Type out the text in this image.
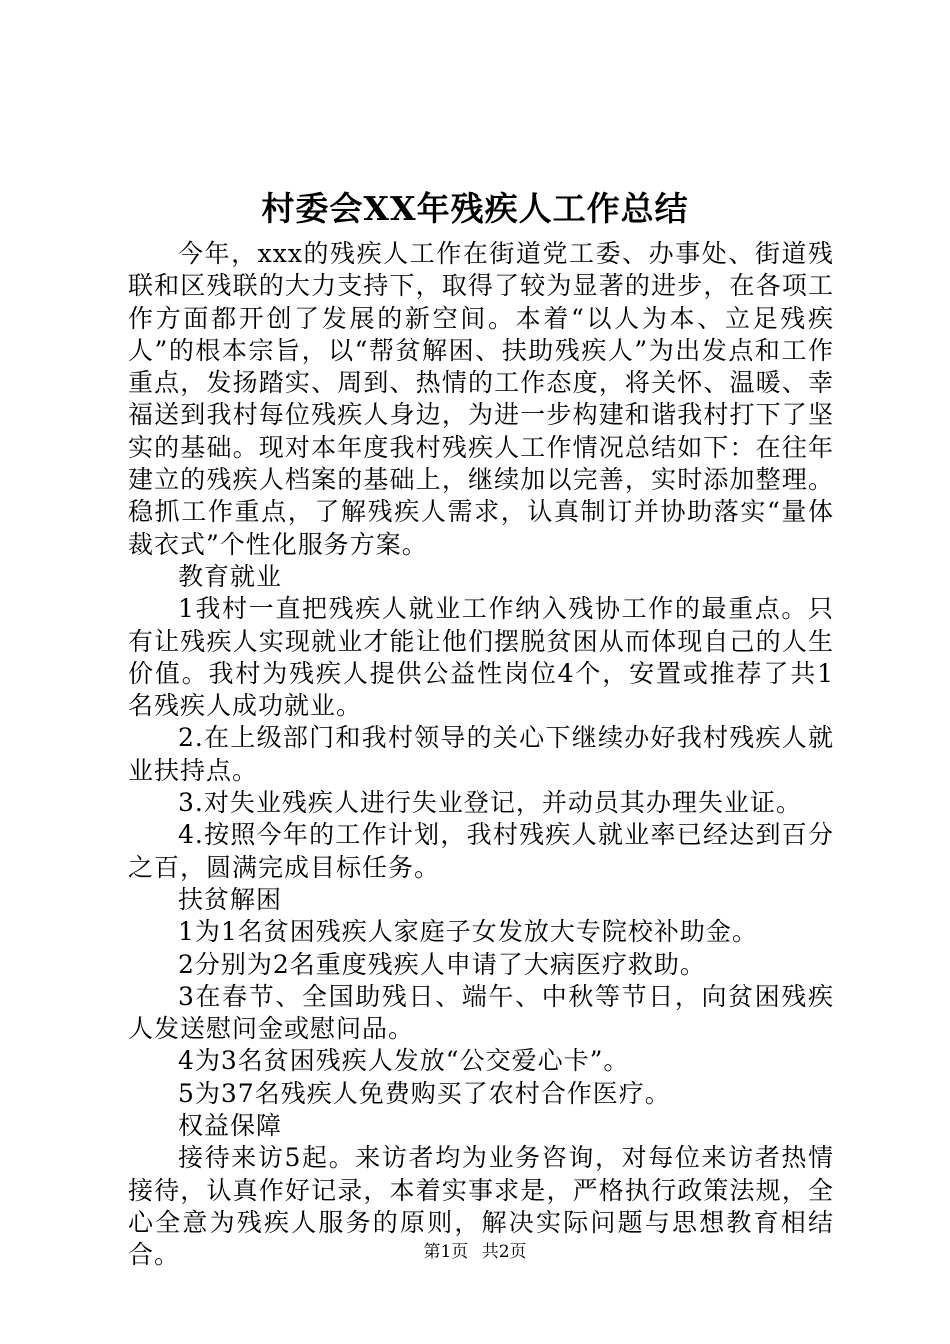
村委会XX年残疾人工作总结

今年，xxx的残疾人工作在街道党工委、办事处、街道残联和区残联的大力支持下，取得了较为显著的进步，在各项工作方面都开创了发展的新空间。本着“以人为本、立足残疾人”的根本宗旨，以“帮贫解困、扶助残疾人”为出发点和工作重点，发扬踏实、周到、热情的工作态度，将关怀、温暖、幸福送到我村每位残疾人身边，为进一步构建和谐我村打下了坚实的基础。现对本年度我村残疾人工作情况总结如下：在往年建立的残疾人档案的基础上，继续加以完善，实时添加整理。稳抓工作重点，了解残疾人需求，认真制订并协助落实“量体裁衣式”个性化服务方案。

教育就业

1我村一直把残疾人就业工作纳入残协工作的最重点。只有让残疾人实现就业才能让他们摆脱贫困从而体现自己的人生价值。我村为残疾人提供公益性岗位4个，安置或推荐了共1名残疾人成功就业。

2.在上级部门和我村领导的关心下继续办好我村残疾人就业扶持点。

3.对失业残疾人进行失业登记，并动员其办理失业证。

4.按照今年的工作计划，我村残疾人就业率已经达到百分之百，圆满完成目标任务。

扶贫解困

1为1名贫困残疾人家庭子女发放大专院校补助金。

2分别为2名重度残疾人申请了大病医疗救助。

3在春节、全国助残日、端午、中秋等节日，向贫困残疾人发送慰问金或慰问品。

4为3名贫困残疾人发放“公交爱心卡”。

5为37名残疾人免费购买了农村合作医疗。

权益保障

接待来访5起。来访者均为业务咨询，对每位来访者热情接待，认真作好记录，本着实事求是，严格执行政策法规，全心全意为残疾人服务的原则，解决实际问题与思想教育相结合。	第1页 共2页
